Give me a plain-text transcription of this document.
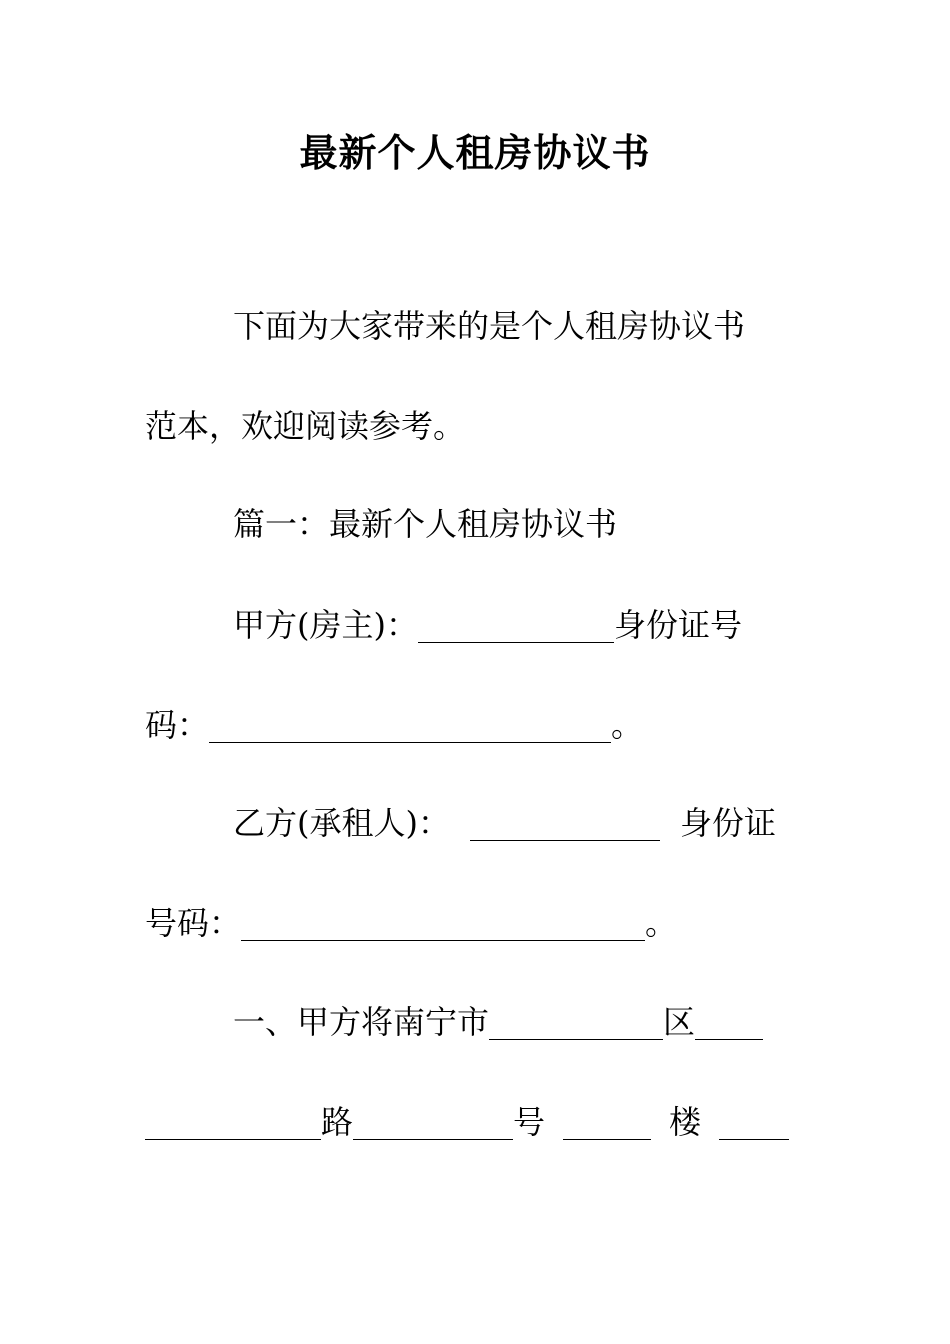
最新个人租房协议书
下面为大家带来的是个人租房协议书
范本，欢迎阅读参考。
篇一：最新个人租房协议书
甲方(房主)：	身份证号
码：	。
乙方(承租人)：	身份证
号码：	。
一、甲方将南宁市	区
路	号	楼
